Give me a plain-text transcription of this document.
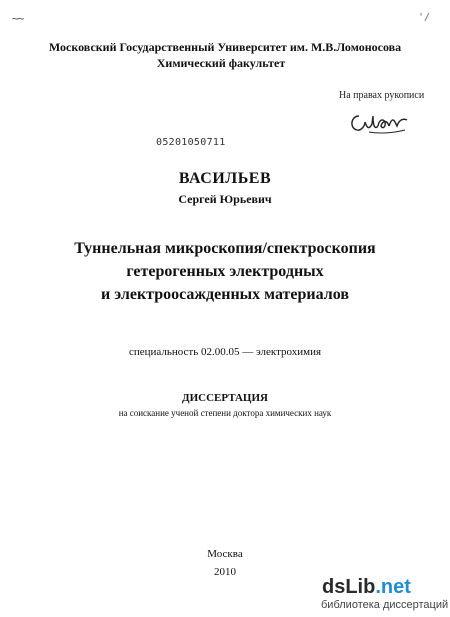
~~	'/
Московский Государственный Университет им. М.В.Ломоносова
Химический факультет
На правах рукописи
05201050711
ВАСИЛЬЕВ
Сергей Юрьевич
Туннельная микроскопия/спектроскопия
гетерогенных электродных
и электроосажденных материалов
специальность 02.00.05 — электрохимия
ДИССЕРТАЦИЯ
на соискание ученой степени доктора химических наук
Москва
2010
dsLib.net
библиотека диссертаций
